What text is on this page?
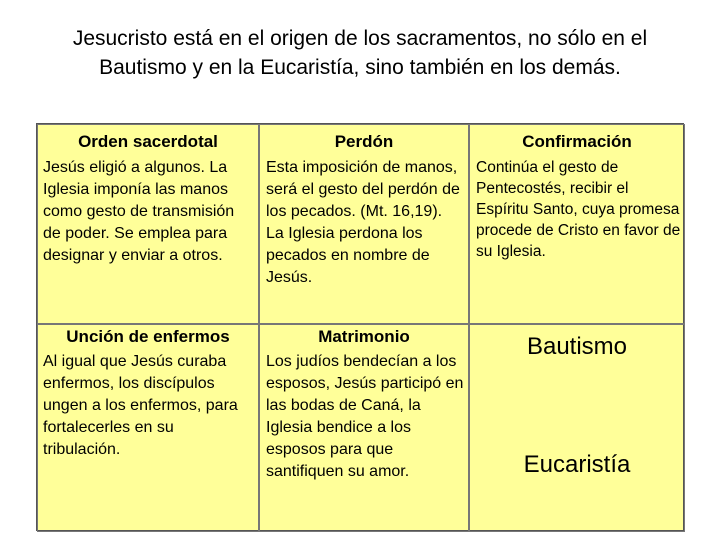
Jesucristo está en el origen de los sacramentos, no sólo en el Bautismo y en la Eucaristía, sino también en los demás.
Orden sacerdotal
Jesús eligió a algunos. La Iglesia imponía las manos como gesto de transmisión de poder. Se emplea para designar y enviar a otros.
Perdón
Esta imposición de manos, será el gesto del perdón de los pecados. (Mt. 16,19). La Iglesia perdona los pecados en nombre de Jesús.
Confirmación
Continúa el gesto de Pentecostés, recibir el Espíritu Santo, cuya promesa procede de Cristo en favor de su Iglesia.
Unción de enfermos
Al igual que Jesús curaba enfermos, los discípulos ungen a los enfermos, para fortalecerles en su tribulación.
Matrimonio
Los judíos bendecían a los esposos, Jesús participó en las bodas de Caná, la Iglesia bendice a los esposos para que santifiquen su amor.
Bautismo
Eucaristía
